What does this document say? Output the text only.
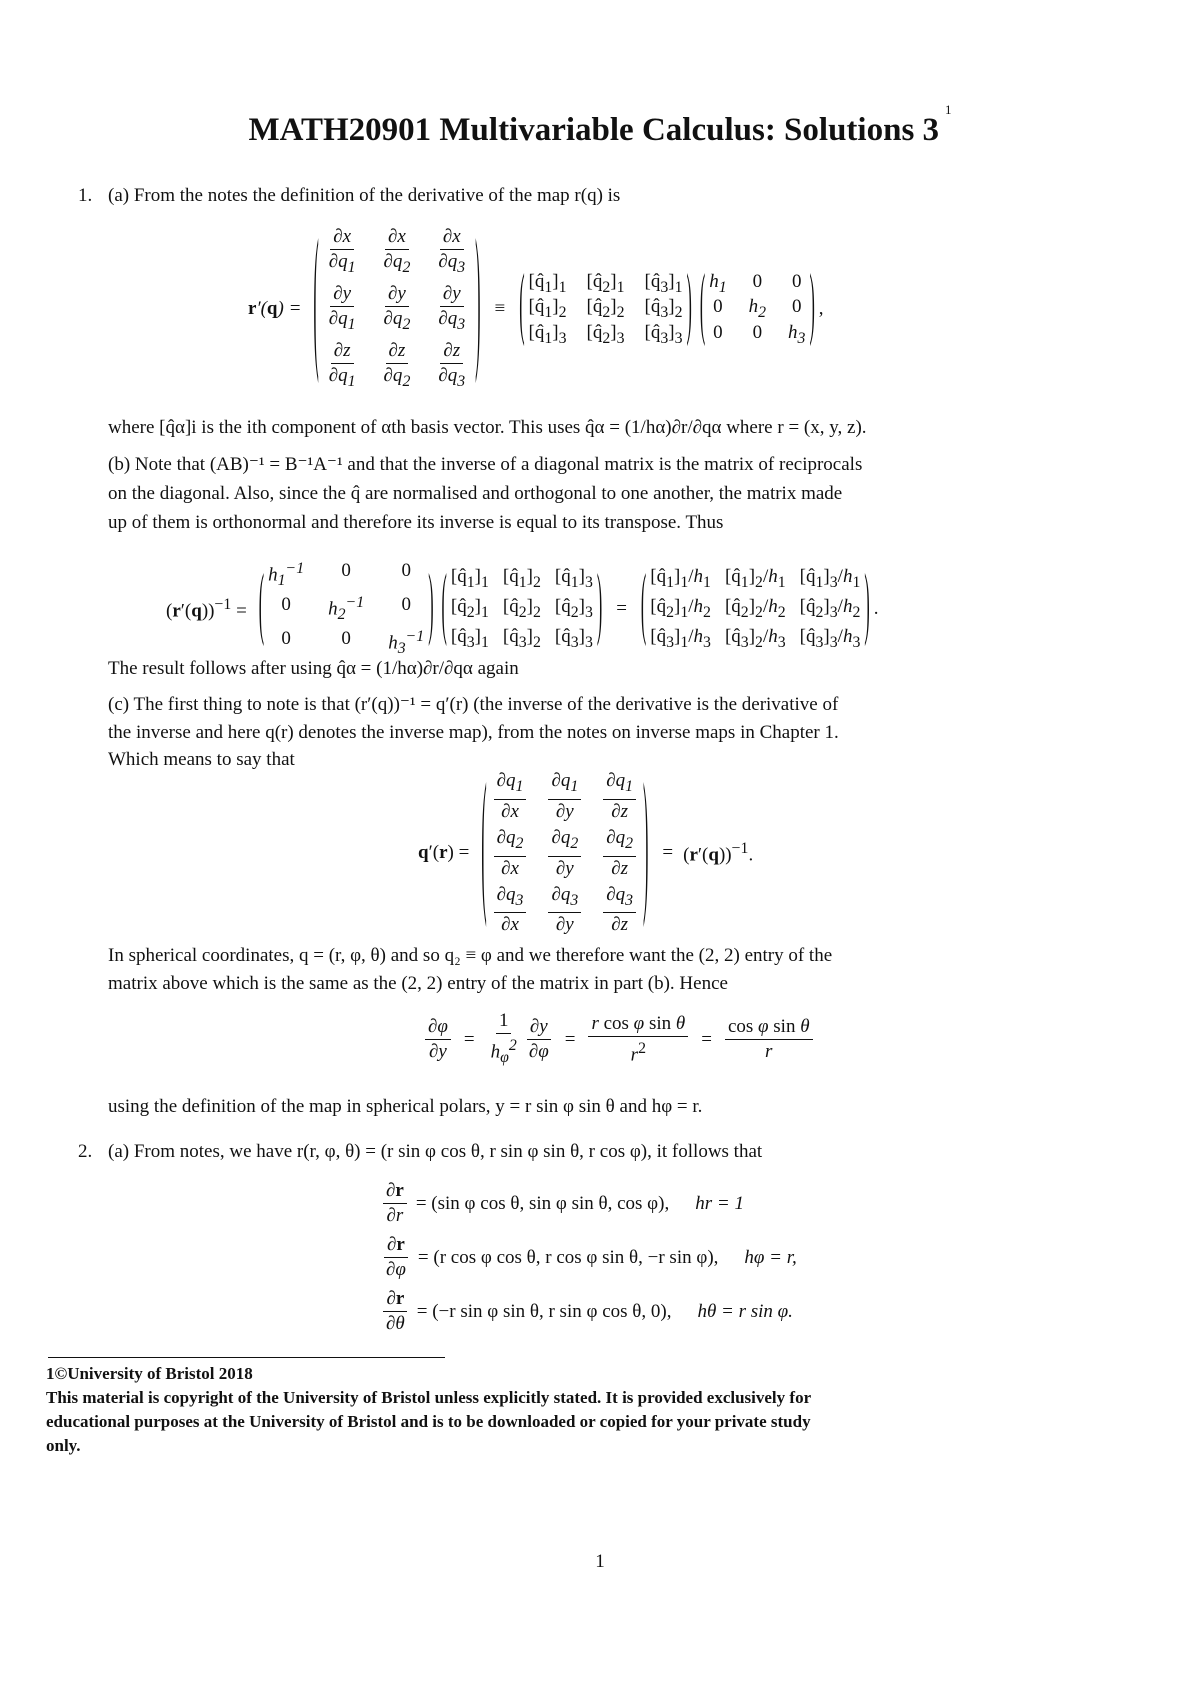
MATH20901 Multivariable Calculus: Solutions $3^1$
1. (a) From the notes the definition of the derivative of the map r(q) is
r′(q) = ( $\frac{\partial x}{\partial q_1} \frac{\partial x}{\partial q_2} \frac{\partial x}{\partial q_3}$
$\frac{\partial y}{\partial q_1} \frac{\partial y}{\partial q_2} \frac{\partial y}{\partial q_3}$
$\frac{\partial z}{\partial q_1} \frac{\partial z}{\partial q_2} \frac{\partial z}{\partial q_3}$ ) ≡ ( $[q̂_1]_1$ $[q̂_2]_1$ $[q̂_3]_1$
$[q̂_1]_2$ $[q̂_2]_2$ $[q̂_3]_2$
$[q̂_1]_3$ $[q̂_2]_3$ $[q̂_3]_3$ ) ( $h_1$ 0 0
0 $h_2$ 0
0 0 $h_3$ ) ,
where [q̂α]i is the ith component of αth basis vector. This uses q̂α = (1/hα)∂r/∂qα where r = (x, y, z).
(b) Note that (AB)⁻¹ = B⁻¹A⁻¹ and that the inverse of a diagonal matrix is the matrix of reciprocals
on the diagonal. Also, since the q̂ are normalised and orthogonal to one another, the matrix made
up of them is orthonormal and therefore its inverse is equal to its transpose. Thus
$(r'(q))^{-1}$ = ( $h_1^{-1}$	0	0
0	$h_2^{-1}$	0
0	0	$h_3^{-1}$ ) ( $[q̂_1]_1$ $[q̂_1]_2$ $[q̂_1]_3$
$[q̂_2]_1$ $[q̂_2]_2$ $[q̂_2]_3$
$[q̂_3]_1$ $[q̂_3]_2$ $[q̂_3]_3$ ) = ( $[q̂_1]_1/h_1$ $[q̂_1]_2/h_1$ $[q̂_1]_3/h_1$
$[q̂_2]_1/h_2$ $[q̂_2]_2/h_2$ $[q̂_2]_3/h_2$
$[q̂_3]_1/h_3$ $[q̂_3]_2/h_3$ $[q̂_3]_3/h_3$ ) .
The result follows after using q̂α = (1/hα)∂r/∂qα again
(c) The first thing to note is that (r′(q))⁻¹ = q′(r) (the inverse of the derivative is the derivative of
the inverse and here q(r) denotes the inverse map), from the notes on inverse maps in Chapter 1.
Which means to say that
q′(r) = ( $\frac{\partial q_1}{\partial x} \frac{\partial q_1}{\partial y} \frac{\partial q_1}{\partial z}$
$\frac{\partial q_2}{\partial x} \frac{\partial q_2}{\partial y} \frac{\partial q_2}{\partial z}$
$\frac{\partial q_3}{\partial x} \frac{\partial q_3}{\partial y} \frac{\partial q_3}{\partial z}$ ) = $(r'(q))^{-1}$.
In spherical coordinates, q = (r, φ, θ) and so q₂ ≡ φ and we therefore want the (2, 2) entry of the
matrix above which is the same as the (2, 2) entry of the matrix in part (b). Hence
$\frac{\partial\varphi}{\partial y} = \frac{1}{h_\varphi^2} \frac{\partial y}{\partial\varphi} = \frac{\text{r cos φ sin θ}}{r^2} = \frac{\text{cos φ sin θ}}{r}$
using the definition of the map in spherical polars, y = r sin φ sin θ and hφ = r.
2. (a) From notes, we have r(r, φ, θ) = (r sin φ cos θ, r sin φ sin θ, r cos φ), it follows that
$\frac{\partial r}{\partial r} = (\sin$ φ cos θ, sin φ sin θ, cos φ), hr = 1
$\frac{\partial r}{\partial\varphi} = (r$ cos φ cos θ, r cos φ sin θ, −r sin φ), hφ = r,
$\frac{\partial r}{\partial\theta} = (-r$ sin φ sin θ, r sin φ cos θ, 0), hθ = r sin φ.
1©University of Bristol 2018
This material is copyright of the University of Bristol unless explicitly stated. It is provided exclusively for
educational purposes at the University of Bristol and is to be downloaded or copied for your private study
only.
1
